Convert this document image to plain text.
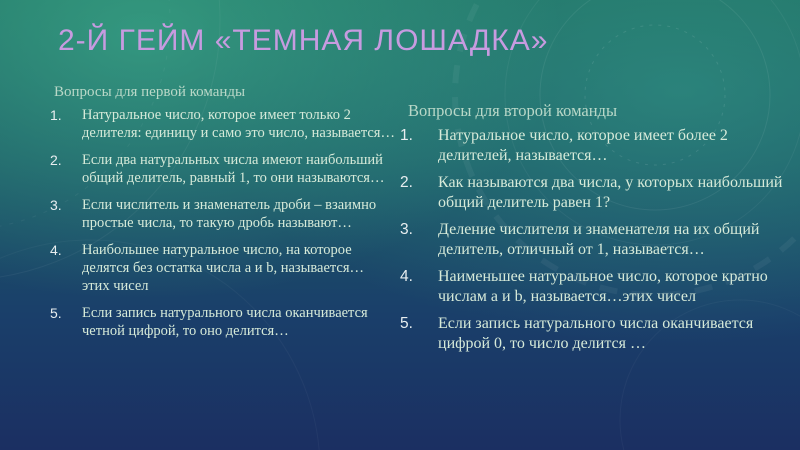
2-Й ГЕЙМ «ТЕМНАЯ ЛОШАДКА»
Вопросы для первой команды
1.	Натуральное число, которое имеет только 2 делителя: единицу и само это число, называется…
2.	Если два натуральных числа имеют наибольший общий делитель, равный 1, то они называются…
3.	Если числитель и знаменатель дроби – взаимно простые числа, то такую дробь называют…
4.	Наибольшее натуральное число, на которое делятся без остатка числа а и b, называется… этих чисел
5.	Если запись натурального числа оканчивается четной цифрой, то оно делится…
Вопросы для второй команды
1.	Натуральное число, которое имеет более 2 делителей, называется…
2.	Как называются два числа, у которых наибольший общий делитель равен 1?
3.	Деление числителя и знаменателя на их общий делитель, отличный от 1, называется…
4.	Наименьшее натуральное число, которое кратно числам a и b, называется…этих чисел
5.	Если запись натурального числа оканчивается цифрой 0, то число делится …
